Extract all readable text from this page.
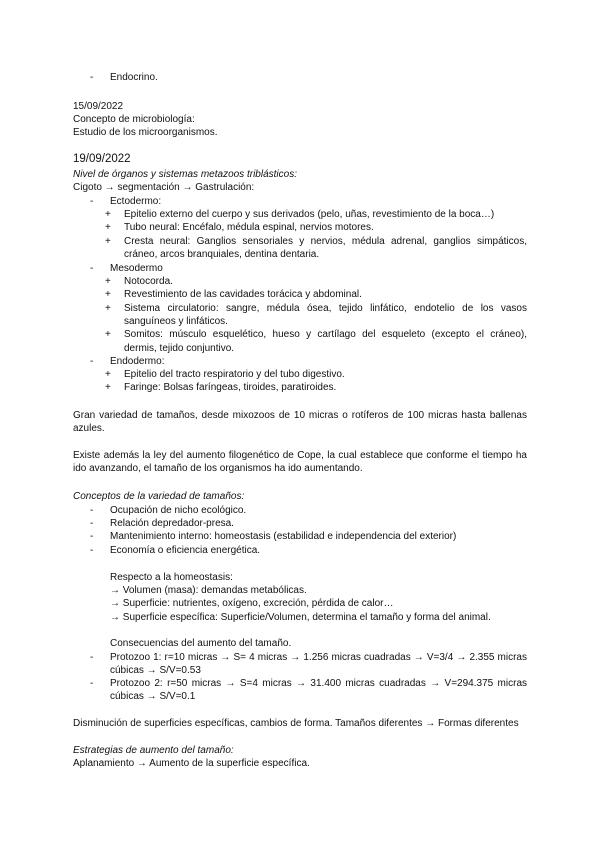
- Endocrino.
15/09/2022
Concepto de microbiología:
Estudio de los microorganismos.
19/09/2022
Nivel de órganos y sistemas metazoos triblásticos:
Cigoto → segmentación → Gastrulación:
- Ectodermo:
+ Epitelio externo del cuerpo y sus derivados (pelo, uñas, revestimiento de la boca…)
+ Tubo neural: Encéfalo, médula espinal, nervios motores.
+ Cresta neural: Ganglios sensoriales y nervios, médula adrenal, ganglios simpáticos,
cráneo, arcos branquiales, dentina dentaria.
- Mesodermo
+ Notocorda.
+ Revestimiento de las cavidades torácica y abdominal.
+ Sistema circulatorio: sangre, médula ósea, tejido linfático, endotelio de los vasos
sanguíneos y linfáticos.
+ Somitos: músculo esquelético, hueso y cartílago del esqueleto (excepto el cráneo),
dermis, tejido conjuntivo.
- Endodermo:
+ Epitelio del tracto respiratorio y del tubo digestivo.
+ Faringe: Bolsas faríngeas, tiroides, paratiroides.
Gran variedad de tamaños, desde mixozoos de 10 micras o rotíferos de 100 micras hasta ballenas
azules.
Existe además la ley del aumento filogenético de Cope, la cual establece que conforme el tiempo ha
ido avanzando, el tamaño de los organismos ha ido aumentando.
Conceptos de la variedad de tamaños:
- Ocupación de nicho ecológico.
- Relación depredador-presa.
- Mantenimiento interno: homeostasis (estabilidad e independencia del exterior)
- Economía o eficiencia energética.
Respecto a la homeostasis:
→ Volumen (masa): demandas metabólicas.
→ Superficie: nutrientes, oxígeno, excreción, pérdida de calor…
→ Superficie específica: Superficie/Volumen, determina el tamaño y forma del animal.
Consecuencias del aumento del tamaño.
- Protozoo 1: r=10 micras → S= 4 micras → 1.256 micras cuadradas → V=3/4 → 2.355 micras
cúbicas → S/V=0.53
- Protozoo 2: r=50 micras → S=4 micras → 31.400 micras cuadradas → V=294.375 micras
cúbicas → S/V=0.1
Disminución de superficies específicas, cambios de forma. Tamaños diferentes → Formas diferentes
Estrategias de aumento del tamaño:
Aplanamiento → Aumento de la superficie específica.
